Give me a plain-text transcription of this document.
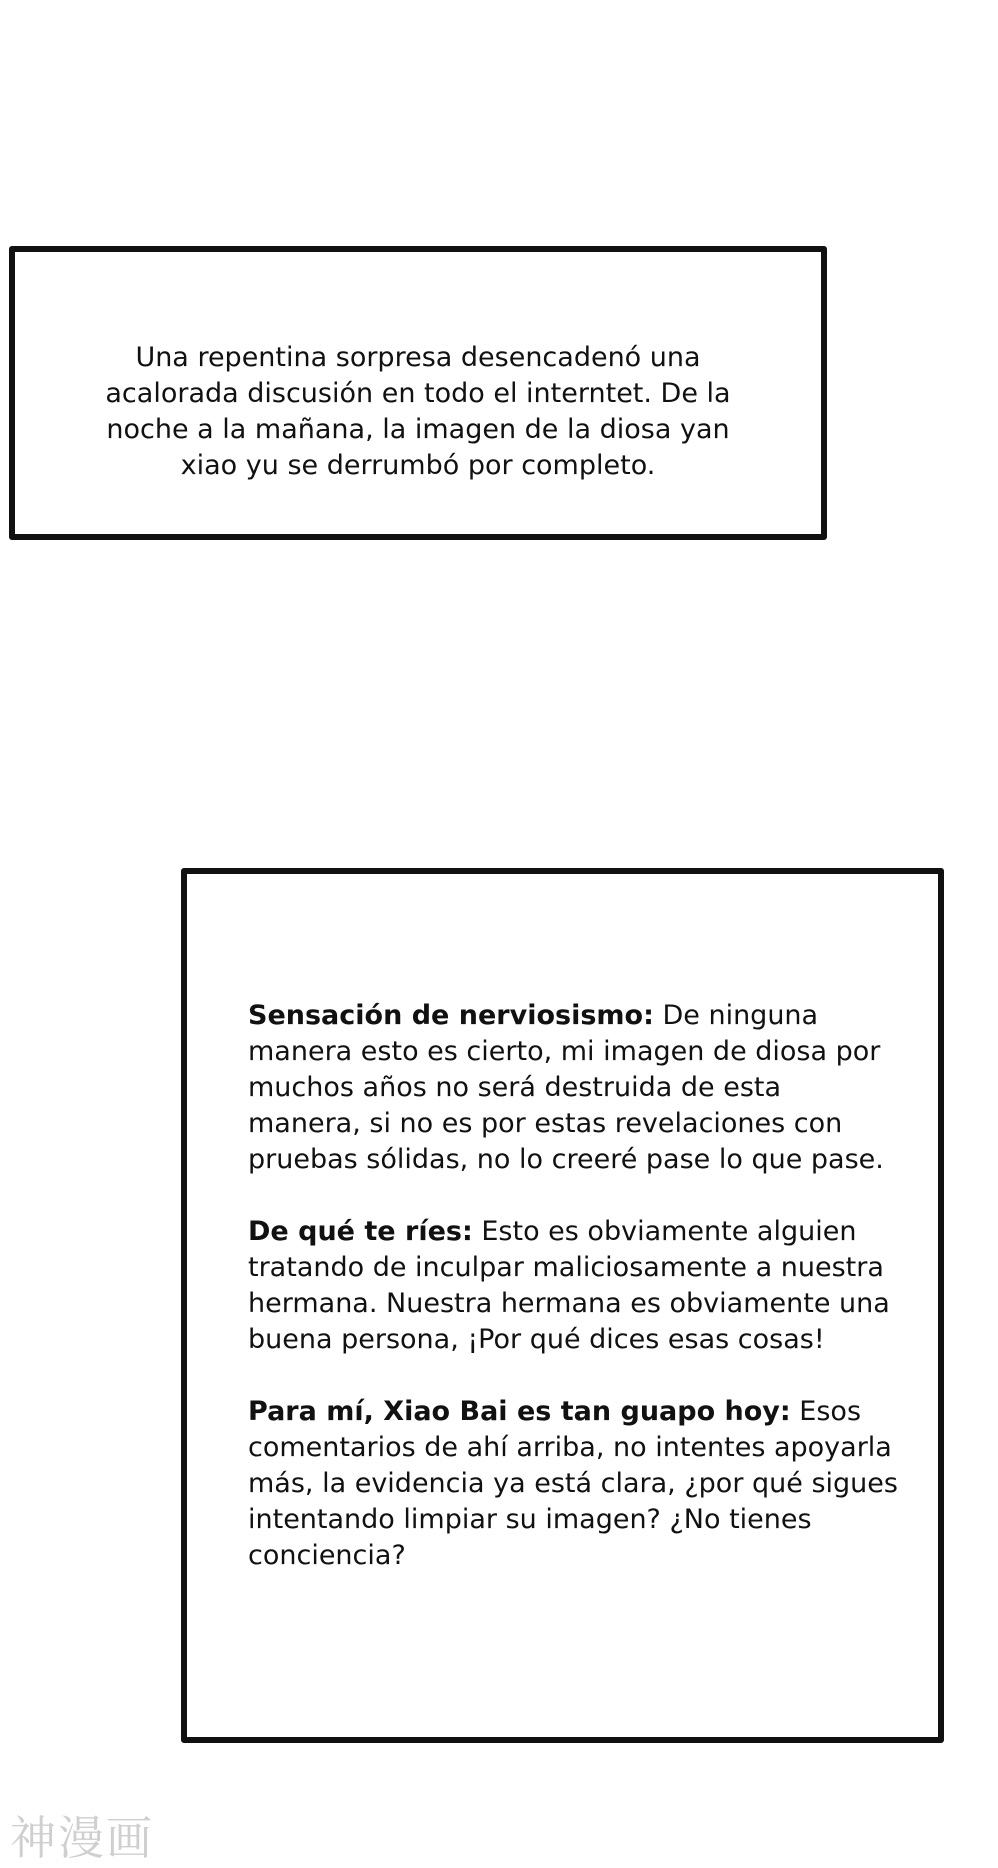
Una repentina sorpresa desencadenó una acalorada discusión en todo el interntet. De la noche a la mañana, la imagen de la diosa yan xiao yu se derrumbó por completo.

Sensación de nerviosismo: De ninguna manera esto es cierto, mi imagen de diosa por muchos años no será destruida de esta manera, si no es por estas revelaciones con pruebas sólidas, no lo creeré pase lo que pase.

De qué te ríes: Esto es obviamente alguien tratando de inculpar maliciosamente a nuestra hermana. Nuestra hermana es obviamente una buena persona, ¡Por qué dices esas cosas!

Para mí, Xiao Bai es tan guapo hoy: Esos comentarios de ahí arriba, no intentes apoyarla más, la evidencia ya está clara, ¿por qué sigues intentando limpiar su imagen? ¿No tienes conciencia?

神漫画
